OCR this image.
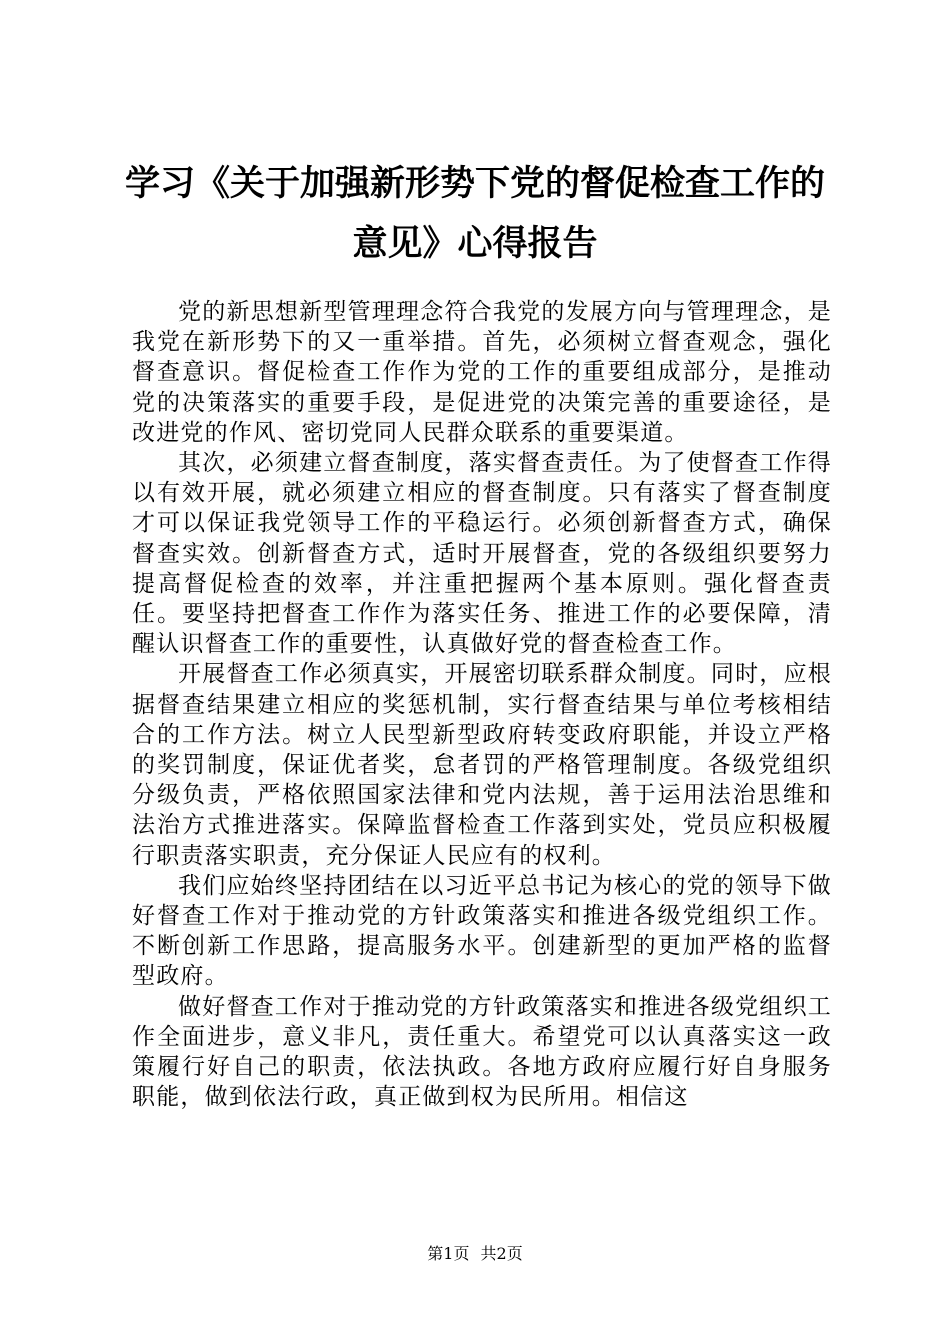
学习《关于加强新形势下党的督促检查工作的
意见》心得报告

党的新思想新型管理理念符合我党的发展方向与管理理念，是我党在新形势下的又一重举措。首先，必须树立督查观念，强化督查意识。督促检查工作作为党的工作的重要组成部分，是推动党的决策落实的重要手段，是促进党的决策完善的重要途径，是改进党的作风、密切党同人民群众联系的重要渠道。

其次，必须建立督查制度，落实督查责任。为了使督查工作得以有效开展，就必须建立相应的督查制度。只有落实了督查制度才可以保证我党领导工作的平稳运行。必须创新督查方式，确保督查实效。创新督查方式，适时开展督查，党的各级组织要努力提高督促检查的效率，并注重把握两个基本原则。强化督查责任。要坚持把督查工作作为落实任务、推进工作的必要保障，清醒认识督查工作的重要性，认真做好党的督查检查工作。

开展督查工作必须真实，开展密切联系群众制度。同时，应根据督查结果建立相应的奖惩机制，实行督查结果与单位考核相结合的工作方法。树立人民型新型政府转变政府职能，并设立严格的奖罚制度，保证优者奖，怠者罚的严格管理制度。各级党组织分级负责，严格依照国家法律和党内法规，善于运用法治思维和法治方式推进落实。保障监督检查工作落到实处，党员应积极履行职责落实职责，充分保证人民应有的权利。

我们应始终坚持团结在以习近平总书记为核心的党的领导下做好督查工作对于推动党的方针政策落实和推进各级党组织工作。不断创新工作思路，提高服务水平。创建新型的更加严格的监督型政府。

做好督查工作对于推动党的方针政策落实和推进各级党组织工作全面进步，意义非凡，责任重大。希望党可以认真落实这一政策履行好自己的职责，依法执政。各地方政府应履行好自身服务职能，做到依法行政，真正做到权为民所用。相信这

第1页 共2页
